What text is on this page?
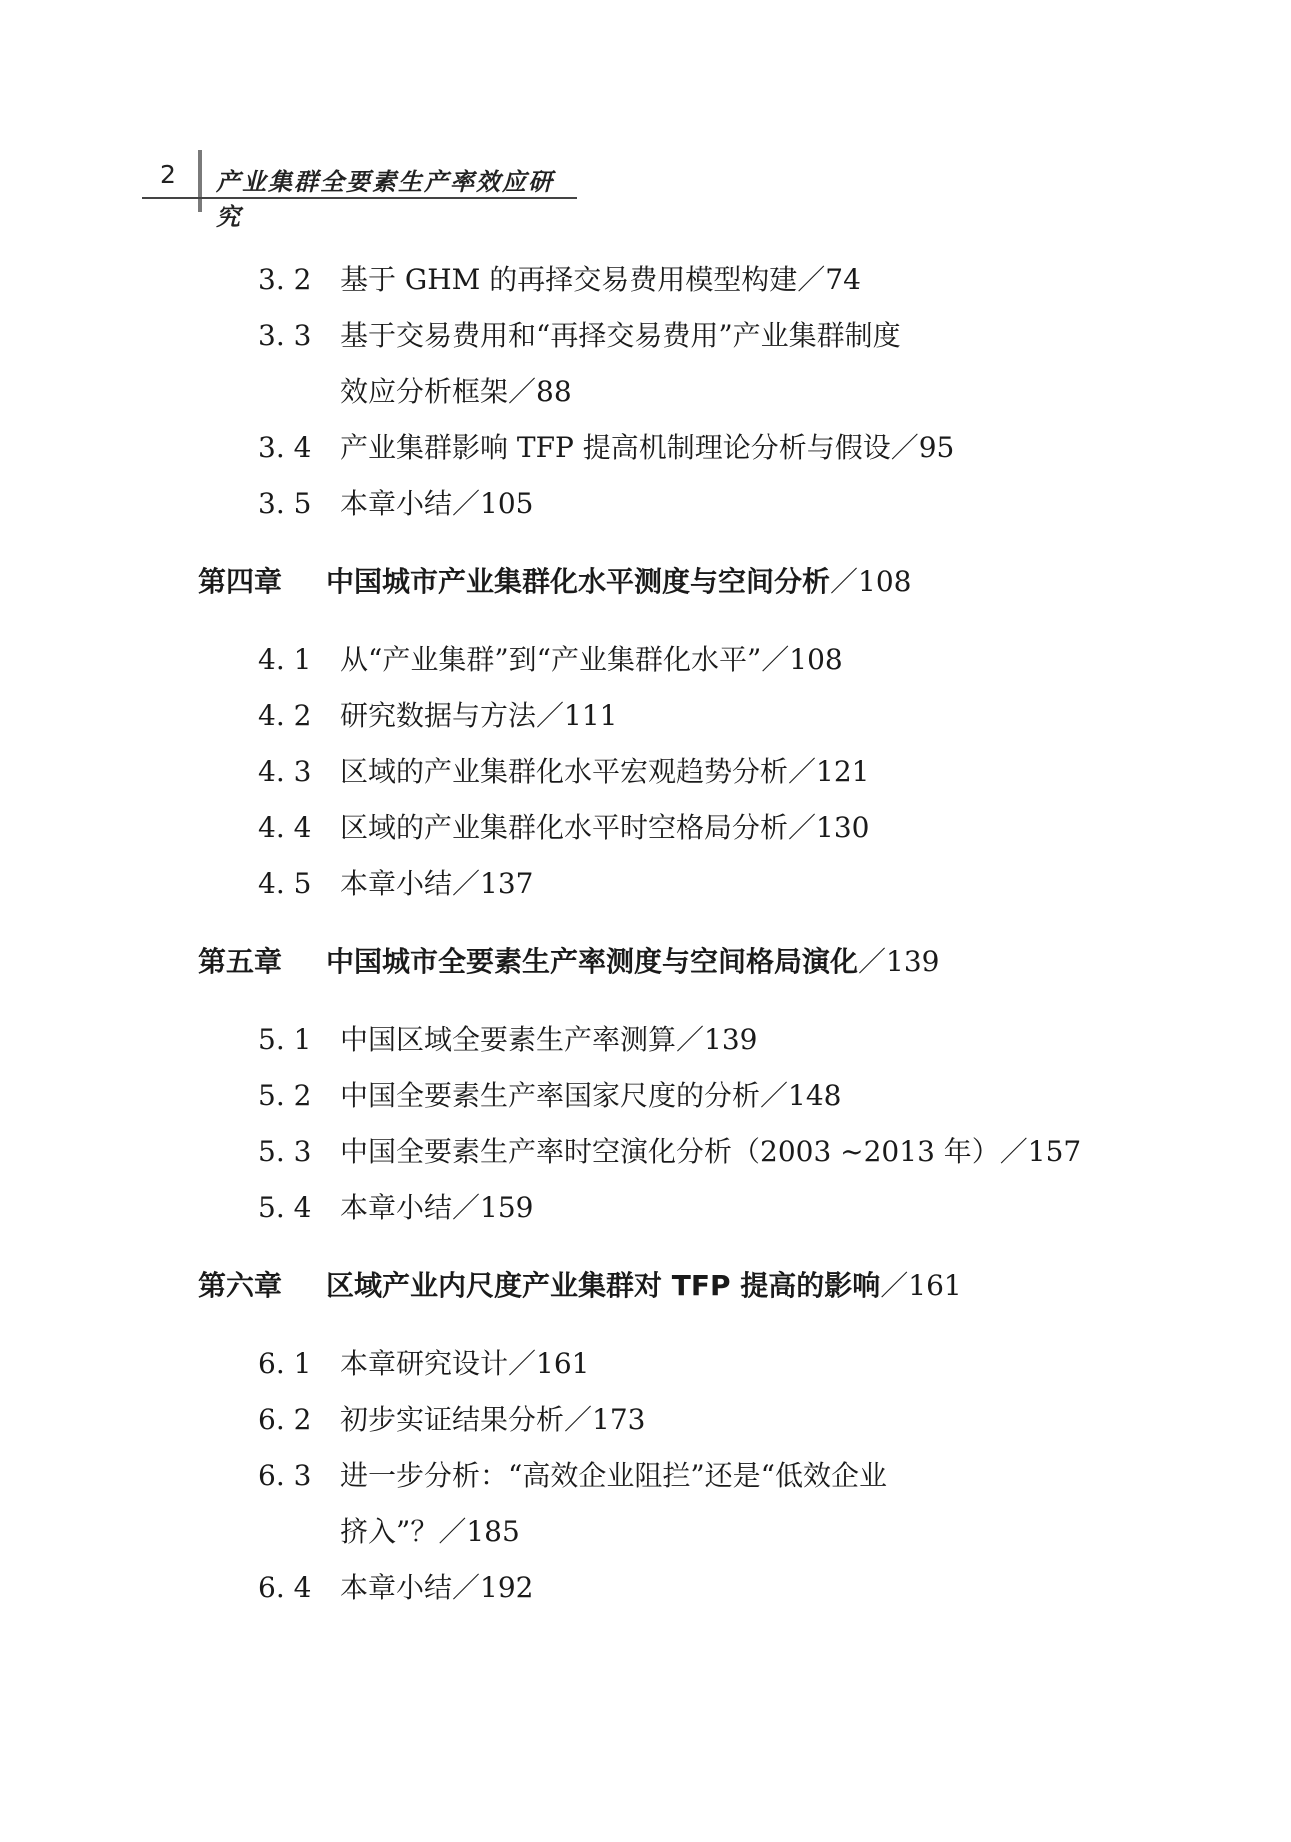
2 产业集群全要素生产率效应研究
3. 2 基于 GHM 的再择交易费用模型构建／74
3. 3 基于交易费用和“再择交易费用”产业集群制度
效应分析框架／88
3. 4 产业集群影响 TFP 提高机制理论分析与假设／95
3. 5 本章小结／105
第四章 中国城市产业集群化水平测度与空间分析／108
4. 1 从“产业集群”到“产业集群化水平”／108
4. 2 研究数据与方法／111
4. 3 区域的产业集群化水平宏观趋势分析／121
4. 4 区域的产业集群化水平时空格局分析／130
4. 5 本章小结／137
第五章 中国城市全要素生产率测度与空间格局演化／139
5. 1 中国区域全要素生产率测算／139
5. 2 中国全要素生产率国家尺度的分析／148
5. 3 中国全要素生产率时空演化分析（2003 ~2013 年）／157
5. 4 本章小结／159
第六章 区域产业内尺度产业集群对 TFP 提高的影响／161
6. 1 本章研究设计／161
6. 2 初步实证结果分析／173
6. 3 进一步分析：“高效企业阻拦”还是“低效企业
挤入”？／185
6. 4 本章小结／192
